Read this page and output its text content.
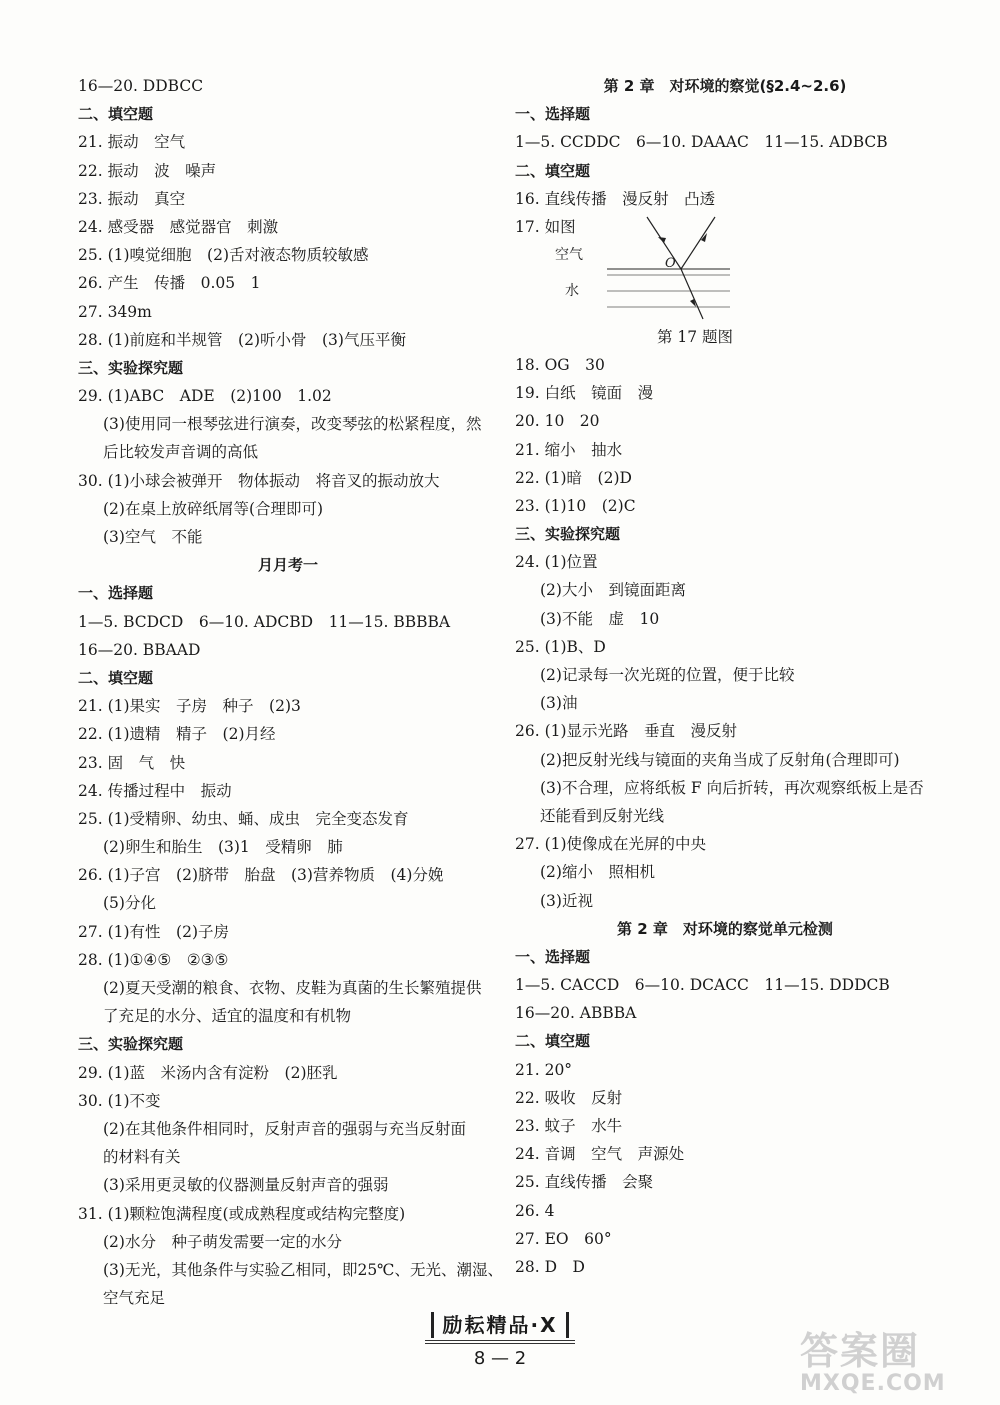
16—20. DDBCC
二、填空题
21. 振动　空气
22. 振动　波　噪声
23. 振动　真空
24. 感受器　感觉器官　刺激
25. (1)嗅觉细胞　(2)舌对液态物质较敏感
26. 产生　传播　0.05　1
27. 349m
28. (1)前庭和半规管　(2)听小骨　(3)气压平衡
三、实验探究题
29. (1)ABC　ADE　(2)100　1.02
(3)使用同一根琴弦进行演奏，改变琴弦的松紧程度，然
后比较发声音调的高低
30. (1)小球会被弹开　物体振动　将音叉的振动放大
(2)在桌上放碎纸屑等(合理即可)
(3)空气　不能
月月考一
一、选择题
1—5. BCDCD　6—10. ADCBD　11—15. BBBBA
16—20. BBAAD
二、填空题
21. (1)果实　子房　种子　(2)3
22. (1)遗精　精子　(2)月经
23. 固　气　快
24. 传播过程中　振动
25. (1)受精卵、幼虫、蛹、成虫　完全变态发育
(2)卵生和胎生　(3)1　受精卵　肺
26. (1)子宫　(2)脐带　胎盘　(3)营养物质　(4)分娩
(5)分化
27. (1)有性　(2)子房
28. (1)①④⑤　②③⑤
(2)夏天受潮的粮食、衣物、皮鞋为真菌的生长繁殖提供
了充足的水分、适宜的温度和有机物
三、实验探究题
29. (1)蓝　米汤内含有淀粉　(2)胚乳
30. (1)不变
(2)在其他条件相同时，反射声音的强弱与充当反射面
的材料有关
(3)采用更灵敏的仪器测量反射声音的强弱
31. (1)颗粒饱满程度(或成熟程度或结构完整度)
(2)水分　种子萌发需要一定的水分
(3)无光，其他条件与实验乙相同，即25℃、无光、潮湿、
空气充足
第 2 章　对环境的察觉(§2.4~2.6)
一、选择题
1—5. CCDDC　6—10. DAAAC　11—15. ADBCB
二、填空题
16. 直线传播　漫反射　凸透
17. 如图
空气
O
水
第 17 题图
18. OG　30
19. 白纸　镜面　漫
20. 10　20
21. 缩小　抽水
22. (1)暗　(2)D
23. (1)10　(2)C
三、实验探究题
24. (1)位置
(2)大小　到镜面距离
(3)不能　虚　10
25. (1)B、D
(2)记录每一次光斑的位置，便于比较
(3)油
26. (1)显示光路　垂直　漫反射
(2)把反射光线与镜面的夹角当成了反射角(合理即可)
(3)不合理，应将纸板 F 向后折转，再次观察纸板上是否
还能看到反射光线
27. (1)使像成在光屏的中央
(2)缩小　照相机
(3)近视
第 2 章　对环境的察觉单元检测
一、选择题
1—5. CACCD　6—10. DCACC　11—15. DDDCB
16—20. ABBBA
二、填空题
21. 20°
22. 吸收　反射
23. 蚊子　水牛
24. 音调　空气　声源处
25. 直线传播　会聚
26. 4
27. EO　60°
28. D　D
励耘精品·X
8 — 2	答案圈
MXQE.COM
